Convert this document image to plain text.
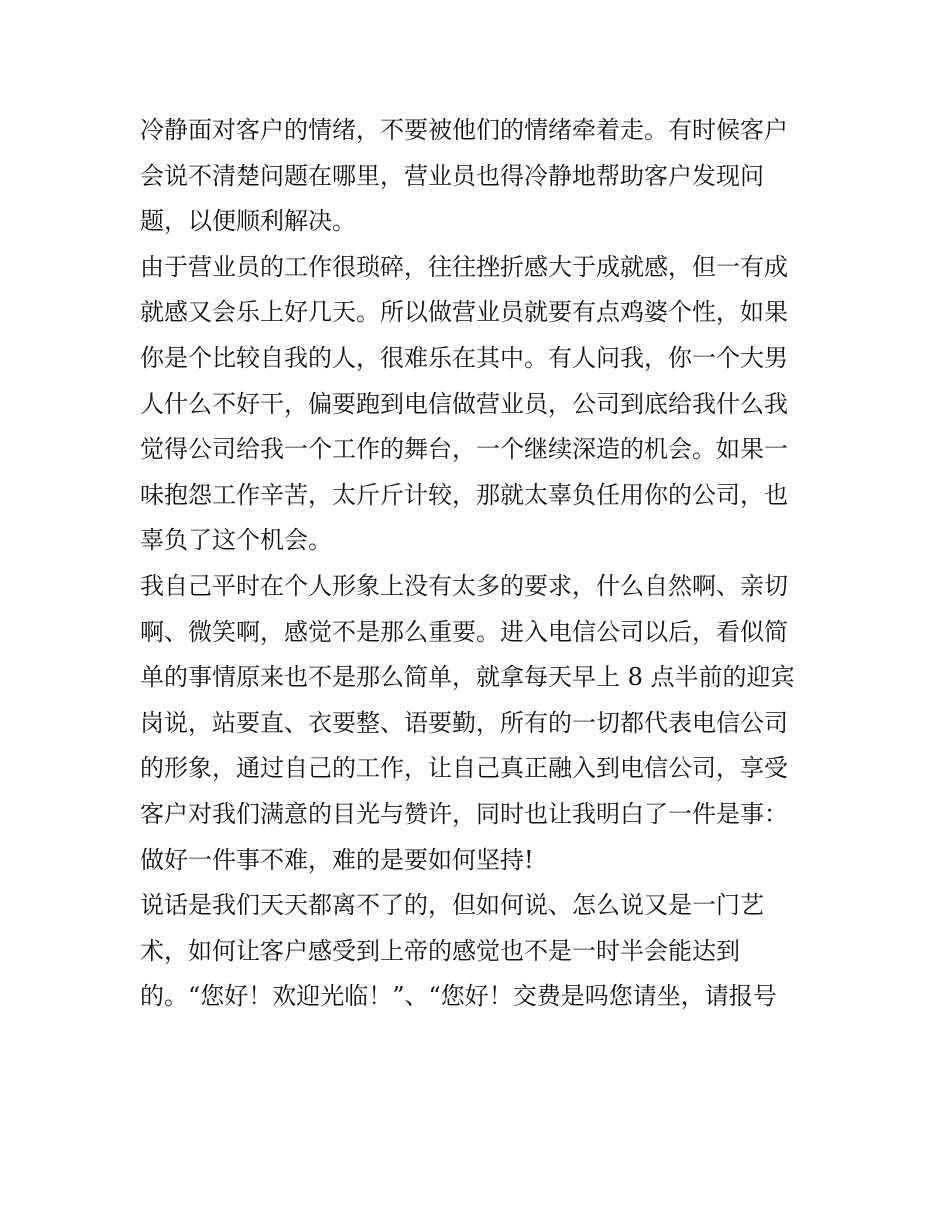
冷静面对客户的情绪，不要被他们的情绪牵着走。有时候客户
会说不清楚问题在哪里，营业员也得冷静地帮助客户发现问
题，以便顺利解决。
由于营业员的工作很琐碎，往往挫折感大于成就感，但一有成
就感又会乐上好几天。所以做营业员就要有点鸡婆个性，如果
你是个比较自我的人，很难乐在其中。有人问我，你一个大男
人什么不好干，偏要跑到电信做营业员，公司到底给我什么我
觉得公司给我一个工作的舞台，一个继续深造的机会。如果一
味抱怨工作辛苦，太斤斤计较，那就太辜负任用你的公司，也
辜负了这个机会。
我自己平时在个人形象上没有太多的要求，什么自然啊、亲切
啊、微笑啊，感觉不是那么重要。进入电信公司以后，看似简
单的事情原来也不是那么简单，就拿每天早上 8 点半前的迎宾
岗说，站要直、衣要整、语要勤，所有的一切都代表电信公司
的形象，通过自己的工作，让自己真正融入到电信公司，享受
客户对我们满意的目光与赞许，同时也让我明白了一件是事：
做好一件事不难，难的是要如何坚持!
说话是我们天天都离不了的，但如何说、怎么说又是一门艺
术，如何让客户感受到上帝的感觉也不是一时半会能达到
的。“您好！欢迎光临！”、“您好！交费是吗您请坐，请报号
